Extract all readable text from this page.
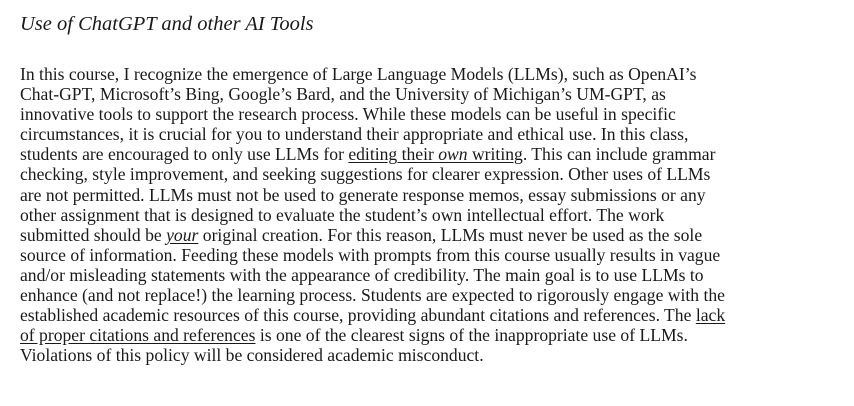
Use of ChatGPT and other AI Tools

In this course, I recognize the emergence of Large Language Models (LLMs), such as OpenAI’s
Chat-GPT, Microsoft’s Bing, Google’s Bard, and the University of Michigan’s UM-GPT, as
innovative tools to support the research process. While these models can be useful in specific
circumstances, it is crucial for you to understand their appropriate and ethical use. In this class,
students are encouraged to only use LLMs for editing their own writing. This can include grammar
checking, style improvement, and seeking suggestions for clearer expression. Other uses of LLMs
are not permitted. LLMs must not be used to generate response memos, essay submissions or any
other assignment that is designed to evaluate the student’s own intellectual effort. The work
submitted should be your original creation. For this reason, LLMs must never be used as the sole
source of information. Feeding these models with prompts from this course usually results in vague
and/or misleading statements with the appearance of credibility. The main goal is to use LLMs to
enhance (and not replace!) the learning process. Students are expected to rigorously engage with the
established academic resources of this course, providing abundant citations and references. The lack
of proper citations and references is one of the clearest signs of the inappropriate use of LLMs.
Violations of this policy will be considered academic misconduct.
